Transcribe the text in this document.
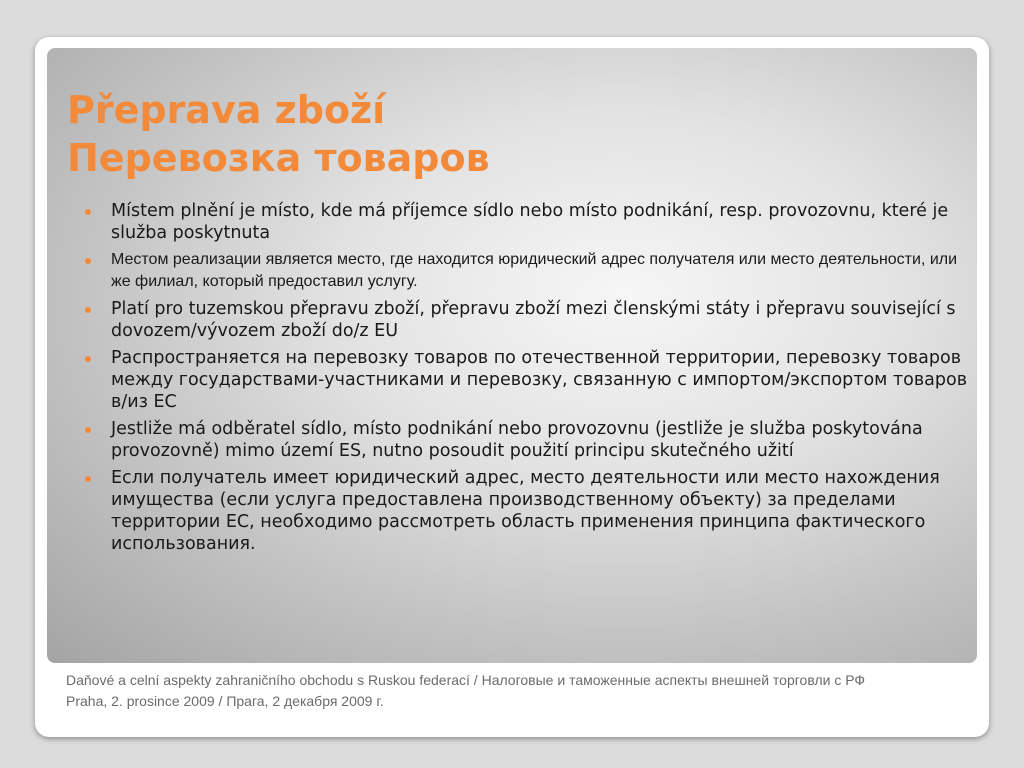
Přeprava zboží
Перевозка товаров
Místem plnění je místo, kde má příjemce sídlo nebo místo podnikání, resp. provozovnu, které je služba poskytnuta
Местом реализации является место, где находится юридический адрес получателя или место деятельности, или же филиал, который предоставил услугу.
Platí pro tuzemskou přepravu zboží, přepravu zboží mezi členskými státy i přepravu související s dovozem/vývozem zboží do/z EU
Распространяется на перевозку товаров по отечественной территории, перевозку товаров между государствами-участниками и перевозку, связанную с импортом/экспортом товаров в/из ЕС
Jestliže má odběratel sídlo, místo podnikání nebo provozovnu (jestliže je služba poskytována provozovně) mimo území ES, nutno posoudit použití principu skutečného užití
Если получатель имеет юридический адрес, место деятельности или место нахождения имущества (если услуга предоставлена производственному объекту) за пределами территории ЕС, необходимо рассмотреть область применения принципа фактического использования.
Daňové a celní aspekty zahraničního obchodu s Ruskou federací / Налоговые и таможенные аспекты внешней торговли с РФ
Praha, 2. prosince 2009 / Прага, 2 декабря 2009 г.
